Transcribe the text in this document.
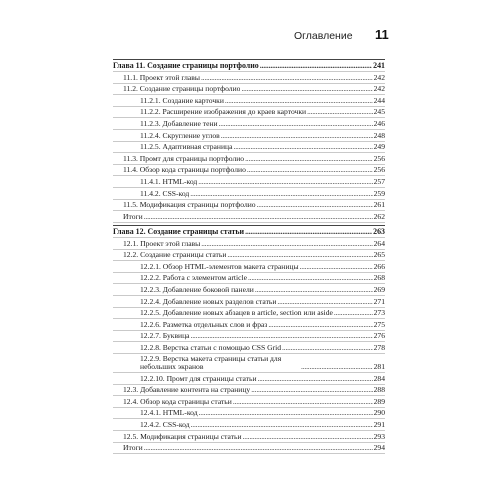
Оглавление 11
Глава 11. Создание страницы портфолио .....	241
11.1. Проект этой главы .....	242
11.2. Создание страницы портфолио .....	242
11.2.1. Создание карточки .....	244
11.2.2. Расширение изображения до краев карточки .....	245
11.2.3. Добавление тени .....	246
11.2.4. Скругление углов .....	248
11.2.5. Адаптивная страница .....	249
11.3. Промт для страницы портфолио .....	256
11.4. Обзор кода страницы портфолио .....	256
11.4.1. HTML-код .....	257
11.4.2. CSS-код .....	259
11.5. Модификация страницы портфолио .....	261
Итоги .....	262
Глава 12. Создание страницы статьи .....	263
12.1. Проект этой главы .....	264
12.2. Создание страницы статьи .....	265
12.2.1. Обзор HTML-элементов макета страницы .....	266
12.2.2. Работа с элементом article .....	268
12.2.3. Добавление боковой панели .....	269
12.2.4. Добавление новых разделов статьи .....	271
12.2.5. Добавление новых абзацев в article, section или aside .....	273
12.2.6. Разметка отдельных слов и фраз .....	275
12.2.7. Буквица .....	276
12.2.8. Верстка статьи с помощью CSS Grid .....	278
12.2.9. Верстка макета страницы статьи для небольших экранов .....	281
12.2.10. Промт для страницы статьи .....	284
12.3. Добавление контента на страницу .....	288
12.4. Обзор кода страницы статьи .....	289
12.4.1. HTML-код .....	290
12.4.2. CSS-код .....	291
12.5. Модификация страницы статьи .....	293
Итоги .....	294
